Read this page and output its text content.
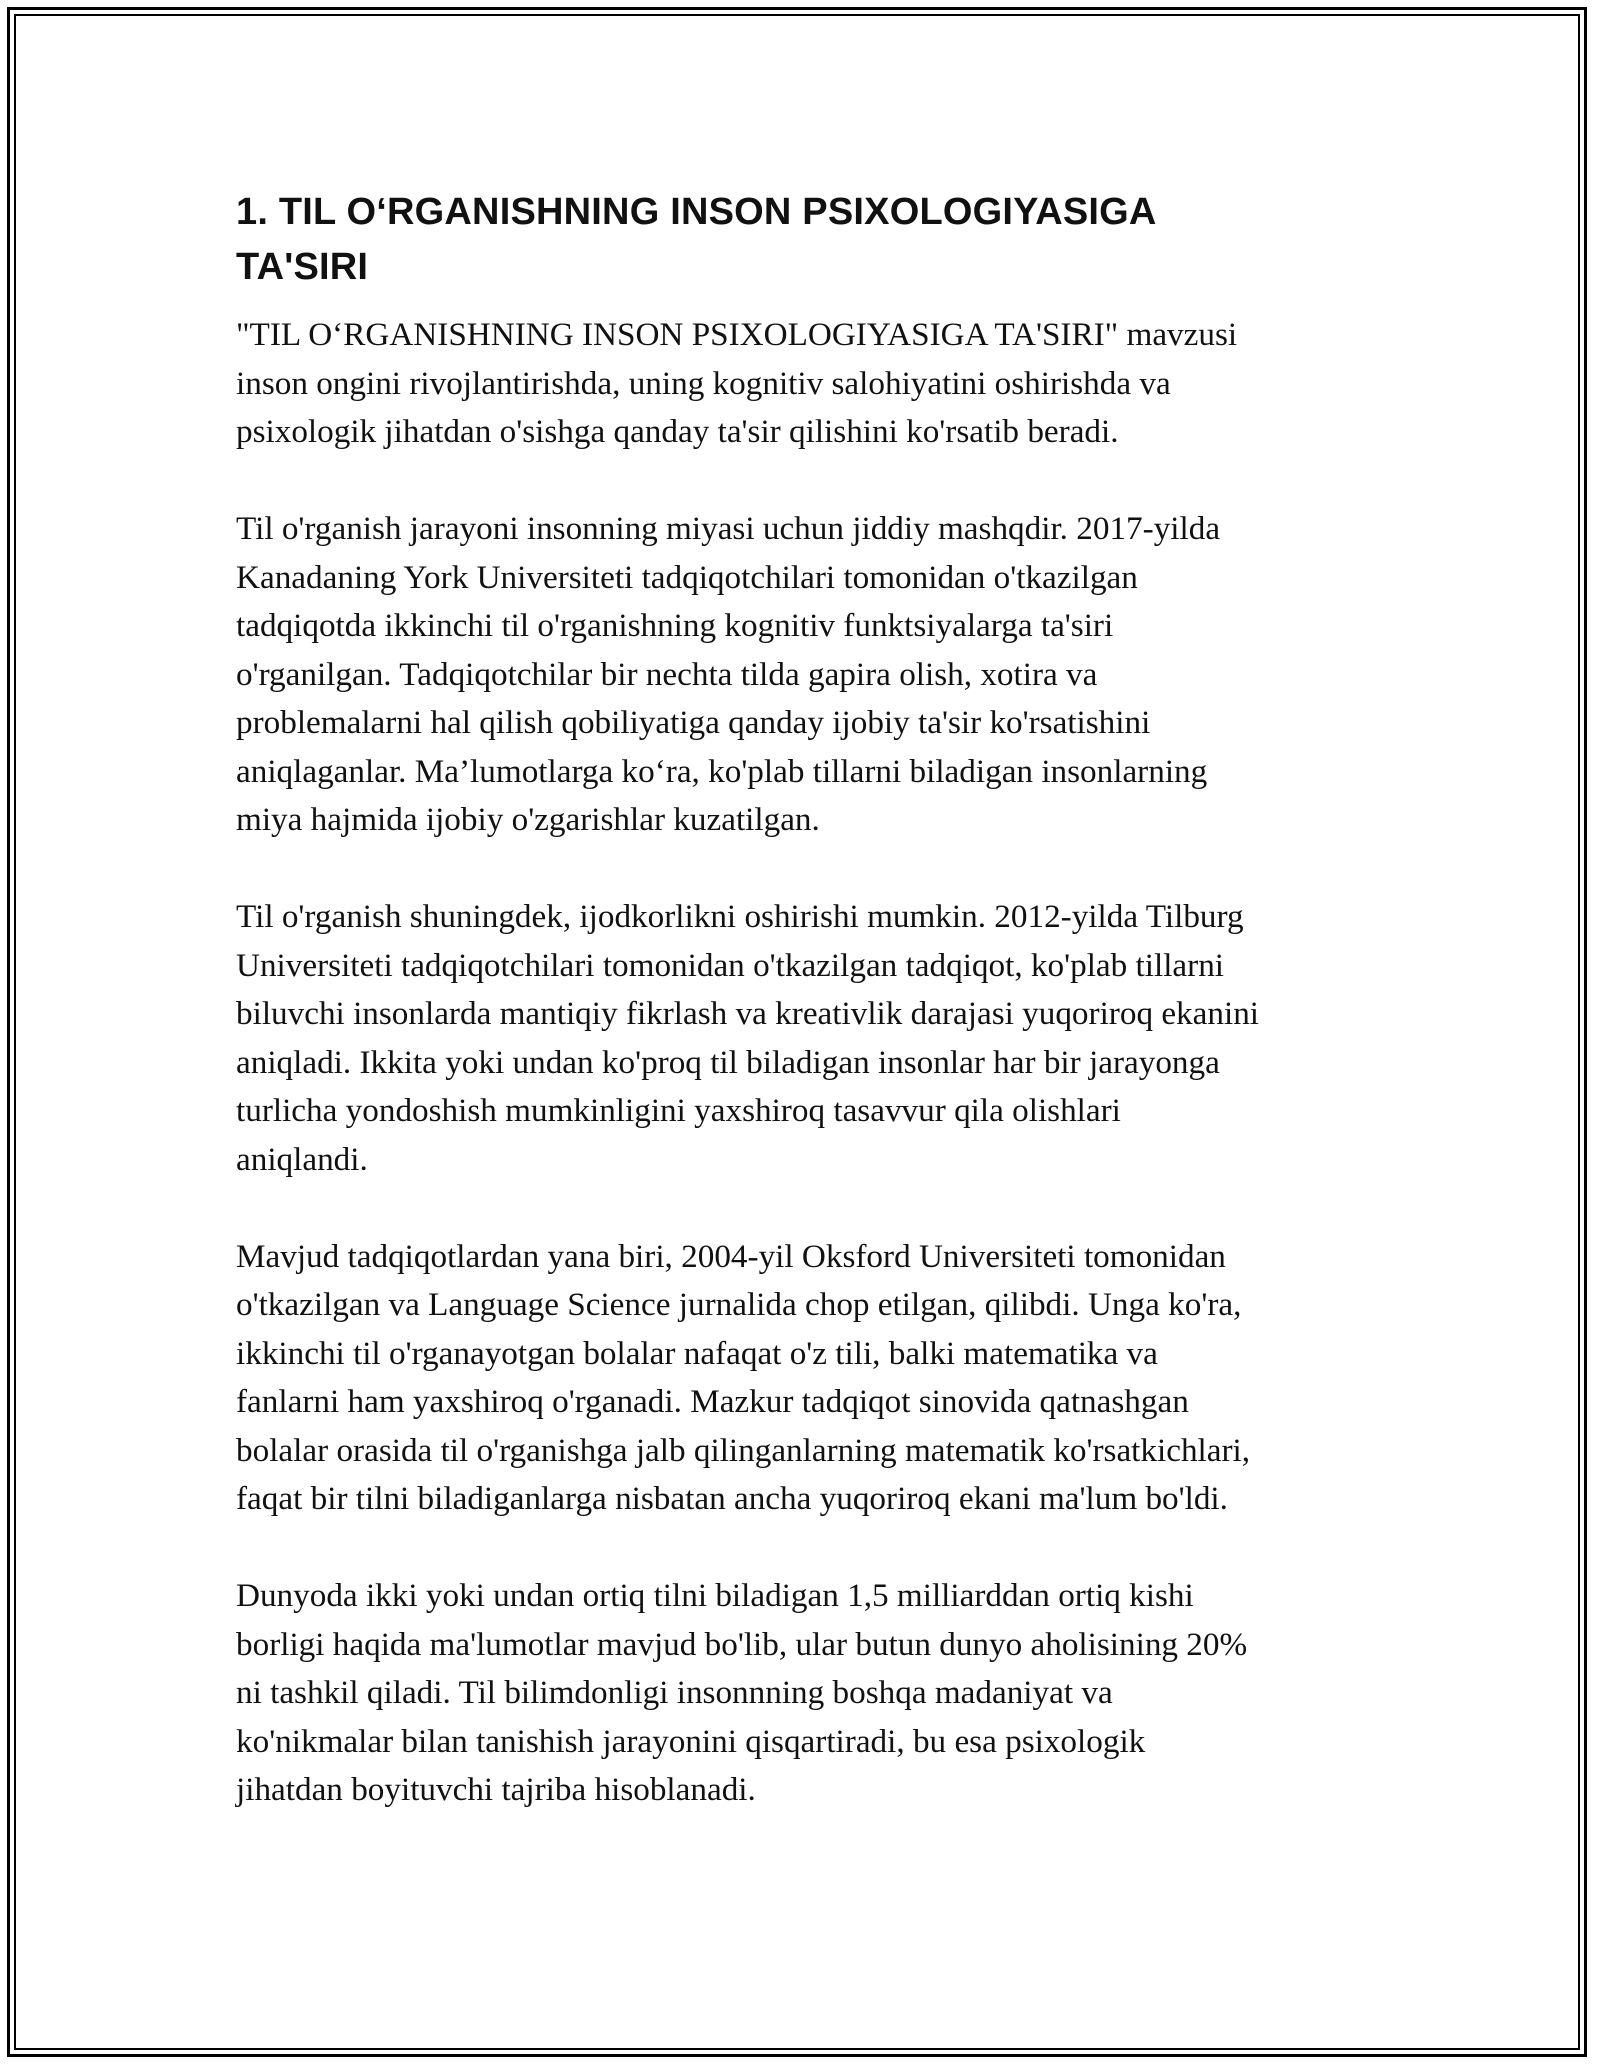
1. TIL O‘RGANISHNING INSON PSIXOLOGIYASIGA
TA'SIRI

"TIL O‘RGANISHNING INSON PSIXOLOGIYASIGA TA'SIRI" mavzusi
inson ongini rivojlantirishda, uning kognitiv salohiyatini oshirishda va
psixologik jihatdan o'sishga qanday ta'sir qilishini ko'rsatib beradi.

Til o'rganish jarayoni insonning miyasi uchun jiddiy mashqdir. 2017-yilda
Kanadaning York Universiteti tadqiqotchilari tomonidan o'tkazilgan
tadqiqotda ikkinchi til o'rganishning kognitiv funktsiyalarga ta'siri
o'rganilgan. Tadqiqotchilar bir nechta tilda gapira olish, xotira va
problemalarni hal qilish qobiliyatiga qanday ijobiy ta'sir ko'rsatishini
aniqlaganlar. Ma’lumotlarga ko‘ra, ko'plab tillarni biladigan insonlarning
miya hajmida ijobiy o'zgarishlar kuzatilgan.

Til o'rganish shuningdek, ijodkorlikni oshirishi mumkin. 2012-yilda Tilburg
Universiteti tadqiqotchilari tomonidan o'tkazilgan tadqiqot, ko'plab tillarni
biluvchi insonlarda mantiqiy fikrlash va kreativlik darajasi yuqoriroq ekanini
aniqladi. Ikkita yoki undan ko'proq til biladigan insonlar har bir jarayonga
turlicha yondoshish mumkinligini yaxshiroq tasavvur qila olishlari
aniqlandi.

Mavjud tadqiqotlardan yana biri, 2004-yil Oksford Universiteti tomonidan
o'tkazilgan va Language Science jurnalida chop etilgan, qilibdi. Unga ko'ra,
ikkinchi til o'rganayotgan bolalar nafaqat o'z tili, balki matematika va
fanlarni ham yaxshiroq o'rganadi. Mazkur tadqiqot sinovida qatnashgan
bolalar orasida til o'rganishga jalb qilinganlarning matematik ko'rsatkichlari,
faqat bir tilni biladiganlarga nisbatan ancha yuqoriroq ekani ma'lum bo'ldi.

Dunyoda ikki yoki undan ortiq tilni biladigan 1,5 milliarddan ortiq kishi
borligi haqida ma'lumotlar mavjud bo'lib, ular butun dunyo aholisining 20%
ni tashkil qiladi. Til bilimdonligi insonnning boshqa madaniyat va
ko'nikmalar bilan tanishish jarayonini qisqartiradi, bu esa psixologik
jihatdan boyituvchi tajriba hisoblanadi.
